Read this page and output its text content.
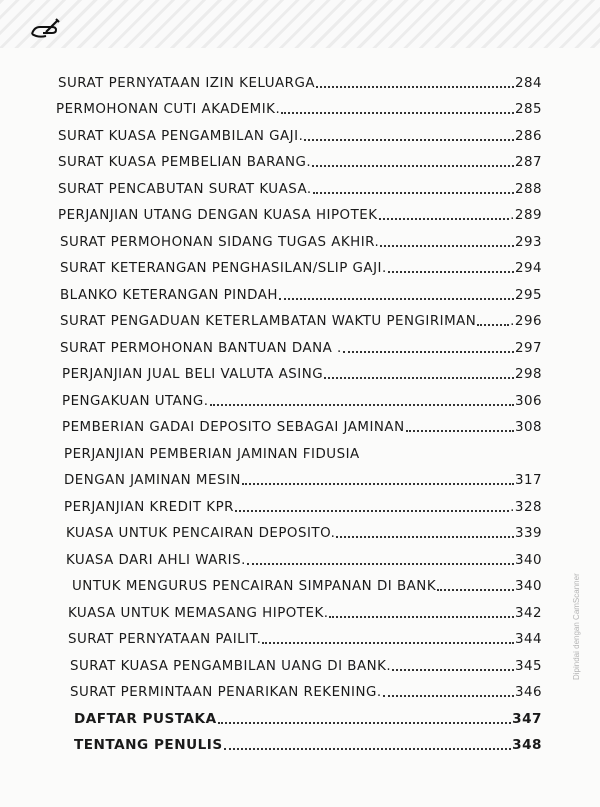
SURAT PERNYATAAN IZIN KELUARGA	284
PERMOHONAN CUTI AKADEMIK.	285
SURAT KUASA PENGAMBILAN GAJI.	286
SURAT KUASA PEMBELIAN BARANG.	287
SURAT PENCABUTAN SURAT KUASA.	288
PERJANJIAN UTANG DENGAN KUASA HIPOTEK	.289
SURAT PERMOHONAN SIDANG TUGAS AKHIR.	293
SURAT KETERANGAN PENGHASILAN/SLIP GAJI.	294
BLANKO KETERANGAN PINDAH	295
SURAT PENGADUAN KETERLAMBATAN WAKTU PENGIRIMAN	.296
SURAT PERMOHONAN BANTUAN DANA .	297
PERJANJIAN JUAL BELI VALUTA ASING	298
PENGAKUAN UTANG.	306
PEMBERIAN GADAI DEPOSITO SEBAGAI JAMINAN	308
PERJANJIAN PEMBERIAN JAMINAN FIDUSIA
DENGAN JAMINAN MESIN	317
PERJANJIAN KREDIT KPR	.328
KUASA UNTUK PENCAIRAN DEPOSITO.	339
KUASA DARI AHLI WARIS.	340
UNTUK MENGURUS PENCAIRAN SIMPANAN DI BANK	340
KUASA UNTUK MEMASANG HIPOTEK.	342
SURAT PERNYATAAN PAILIT.	344
SURAT KUASA PENGAMBILAN UANG DI BANK.	345
SURAT PERMINTAAN PENARIKAN REKENING.	346
DAFTAR PUSTAKA	347
TENTANG PENULIS	348
Dipindai dengan CamScanner
